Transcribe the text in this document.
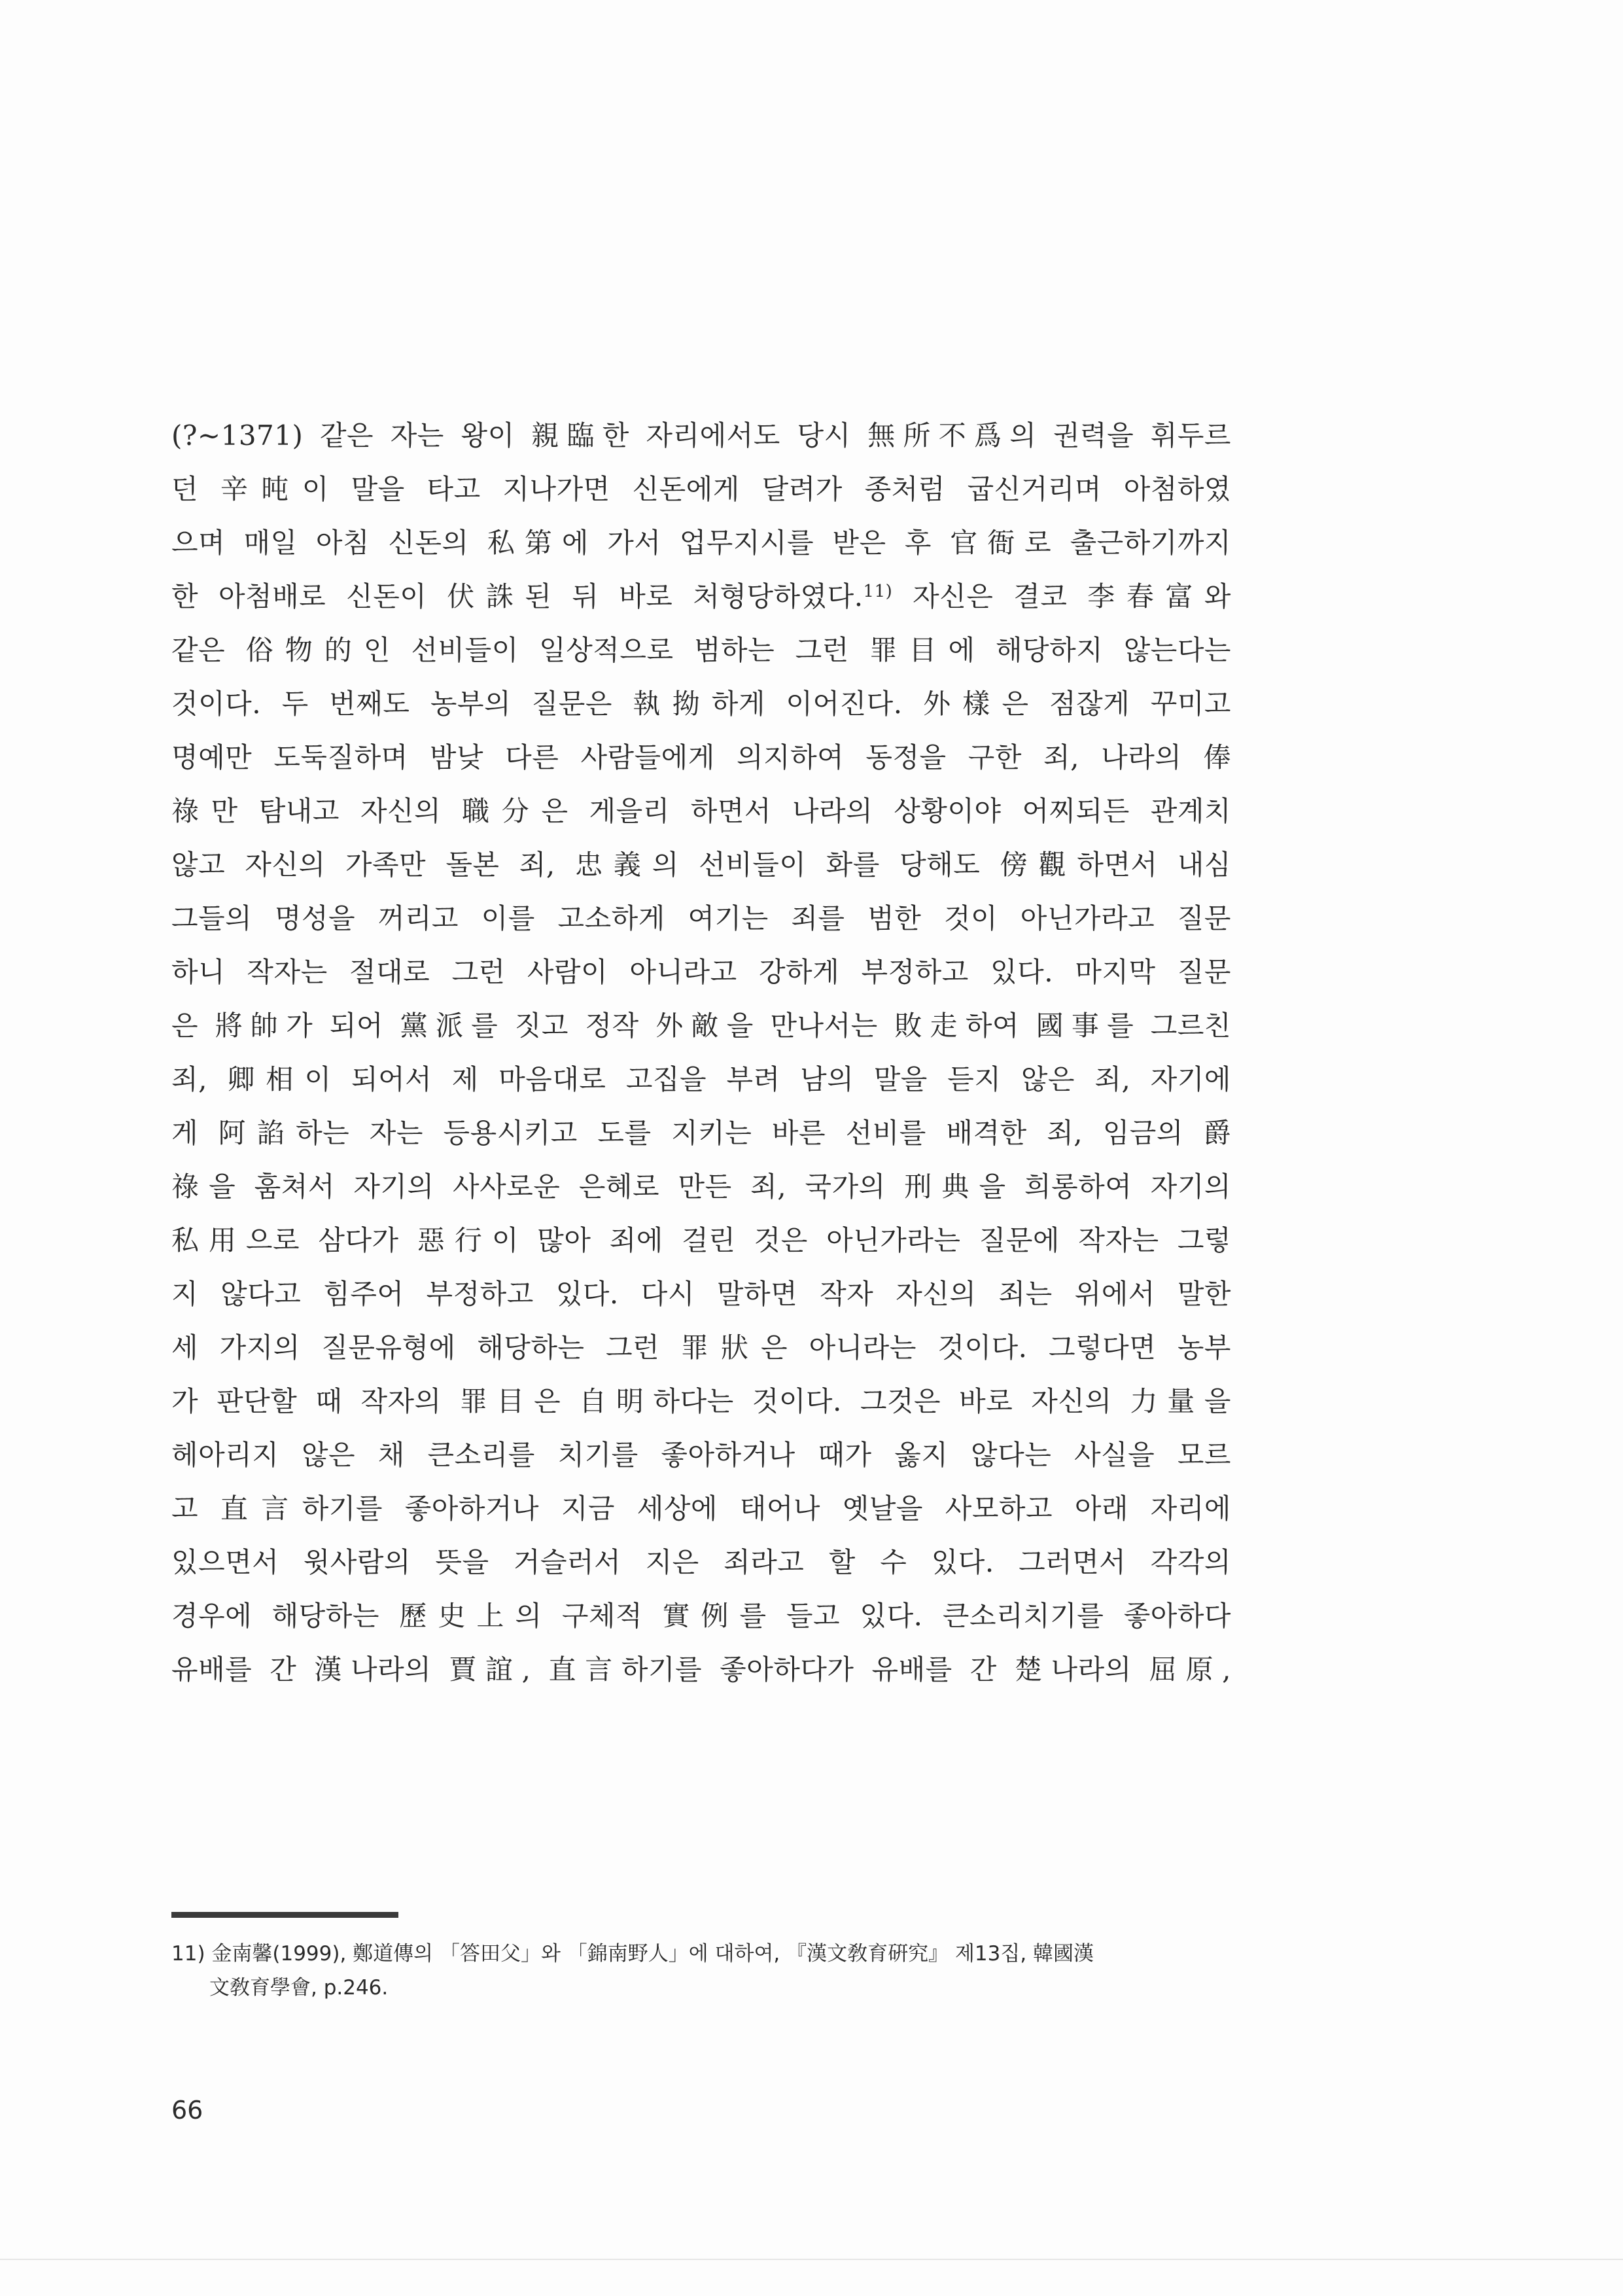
(?~1371) 같은 자는 왕이 親臨한 자리에서도 당시 無所不爲의 권력을 휘두르
던 辛旽이 말을 타고 지나가면 신돈에게 달려가 종처럼 굽신거리며 아첨하였
으며 매일 아침 신돈의 私第에 가서 업무지시를 받은 후 官衙로 출근하기까지
한 아첨배로 신돈이 伏誅된 뒤 바로 처형당하였다.$^{11)}$ 자신은 결코 李春富와
같은 俗物的인 선비들이 일상적으로 범하는 그런 罪目에 해당하지 않는다는
것이다. 두 번째도 농부의 질문은 執拗하게 이어진다. 外樣은 점잖게 꾸미고
명예만 도둑질하며 밤낮 다른 사람들에게 의지하여 동정을 구한 죄, 나라의 俸
祿만 탐내고 자신의 職分은 게을리 하면서 나라의 상황이야 어찌되든 관계치
않고 자신의 가족만 돌본 죄, 忠義의 선비들이 화를 당해도 傍觀하면서 내심
그들의 명성을 꺼리고 이를 고소하게 여기는 죄를 범한 것이 아닌가라고 질문
하니 작자는 절대로 그런 사람이 아니라고 강하게 부정하고 있다. 마지막 질문
은 將帥가 되어 黨派를 짓고 정작 外敵을 만나서는 敗走하여 國事를 그르친
죄, 卿相이 되어서 제 마음대로 고집을 부려 남의 말을 듣지 않은 죄, 자기에
게 阿諂하는 자는 등용시키고 도를 지키는 바른 선비를 배격한 죄, 임금의 爵
祿을 훔쳐서 자기의 사사로운 은혜로 만든 죄, 국가의 刑典을 희롱하여 자기의
私用으로 삼다가 惡行이 많아 죄에 걸린 것은 아닌가라는 질문에 작자는 그렇
지 않다고 힘주어 부정하고 있다. 다시 말하면 작자 자신의 죄는 위에서 말한
세 가지의 질문유형에 해당하는 그런 罪狀은 아니라는 것이다. 그렇다면 농부
가 판단할 때 작자의 罪目은 自明하다는 것이다. 그것은 바로 자신의 力量을
헤아리지 않은 채 큰소리를 치기를 좋아하거나 때가 옳지 않다는 사실을 모르
고 直言하기를 좋아하거나 지금 세상에 태어나 옛날을 사모하고 아래 자리에
있으면서 윗사람의 뜻을 거슬러서 지은 죄라고 할 수 있다. 그러면서 각각의
경우에 해당하는 歷史上의 구체적 實例를 들고 있다. 큰소리치기를 좋아하다
유배를 간 漢나라의 賈誼, 直言하기를 좋아하다가 유배를 간 楚나라의 屈原,
11) 金南馨(1999), 鄭道傳의 「答田父」와 「錦南野人」에 대하여, 『漢文敎育硏究』 제13집, 韓國漢
文敎育學會, p.246.
66
